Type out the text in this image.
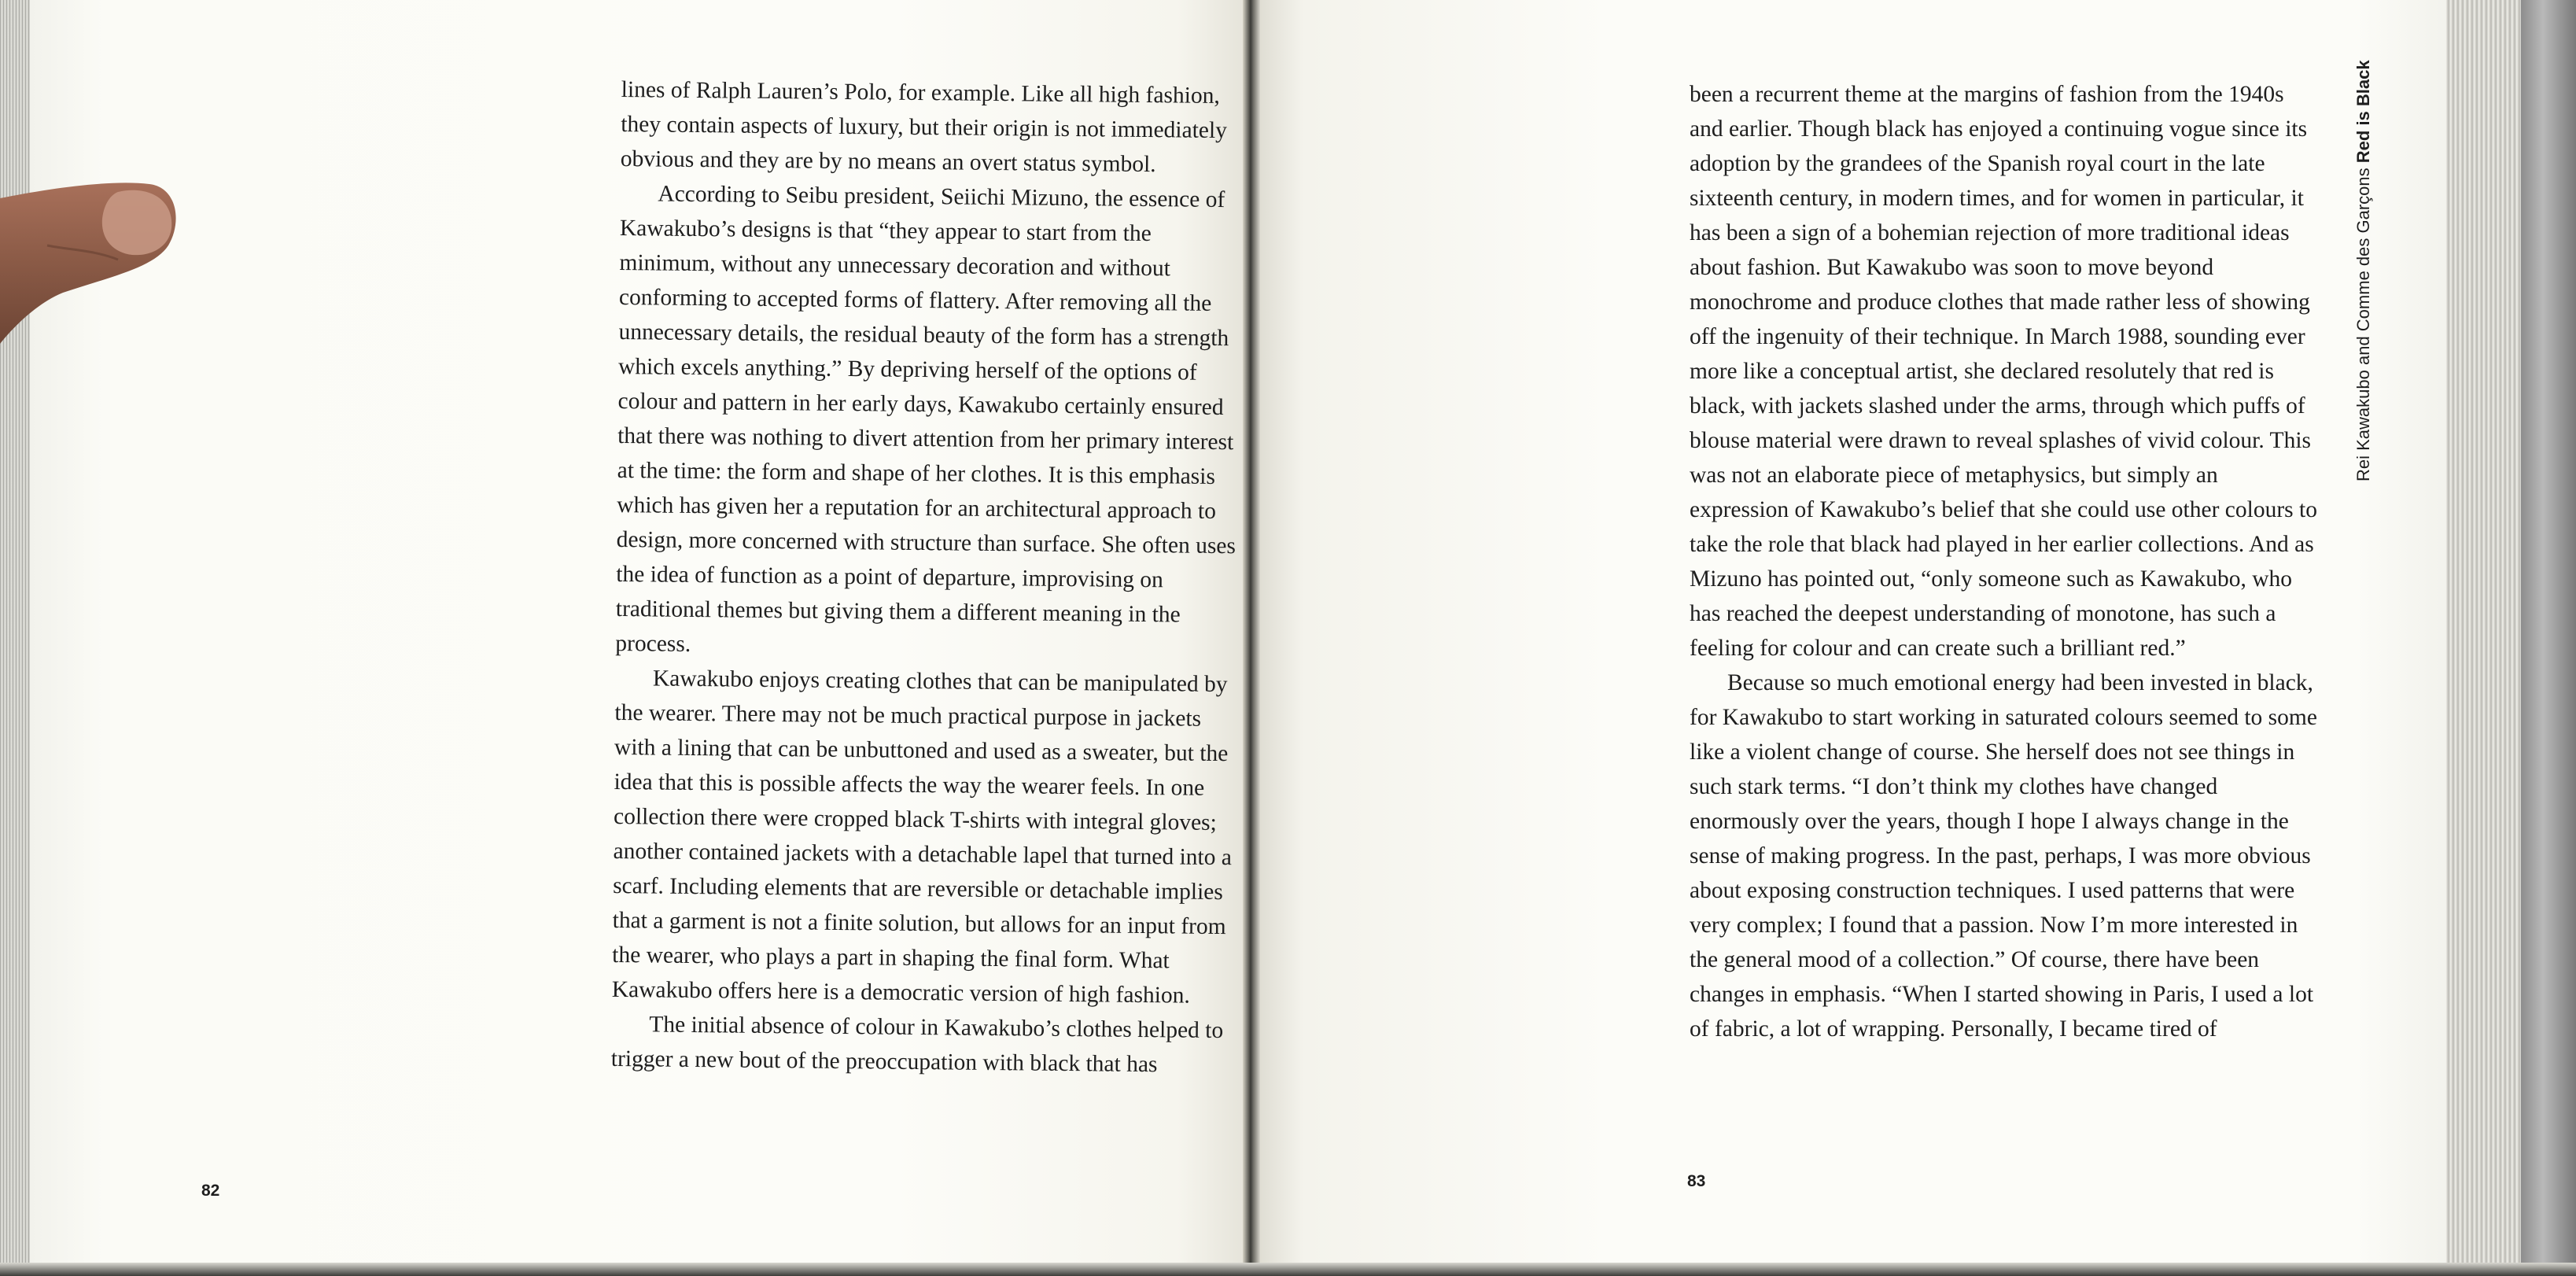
lines of Ralph Lauren’s Polo, for example. Like all high fashion, they contain aspects of luxury, but their origin is not immediately obvious and they are by no means an overt status symbol.

According to Seibu president, Seiichi Mizuno, the essence of Kawakubo’s designs is that “they appear to start from the minimum, without any unnecessary decoration and without conforming to accepted forms of flattery. After removing all the unnecessary details, the residual beauty of the form has a strength which excels anything.” By depriving herself of the options of colour and pattern in her early days, Kawakubo certainly ensured that there was nothing to divert attention from her primary interest at the time: the form and shape of her clothes. It is this emphasis which has given her a reputation for an architectural approach to design, more concerned with structure than surface. She often uses the idea of function as a point of departure, improvising on traditional themes but giving them a different meaning in the process.

Kawakubo enjoys creating clothes that can be manipulated by the wearer. There may not be much practical purpose in jackets with a lining that can be unbuttoned and used as a sweater, but the idea that this is possible affects the way the wearer feels. In one collection there were cropped black T-shirts with integral gloves; another contained jackets with a detachable lapel that turned into a scarf. Including elements that are reversible or detachable implies that a garment is not a finite solution, but allows for an input from the wearer, who plays a part in shaping the final form. What Kawakubo offers here is a democratic version of high fashion.

The initial absence of colour in Kawakubo’s clothes helped to trigger a new bout of the preoccupation with black that has

been a recurrent theme at the margins of fashion from the 1940s and earlier. Though black has enjoyed a continuing vogue since its adoption by the grandees of the Spanish royal court in the late sixteenth century, in modern times, and for women in particular, it has been a sign of a bohemian rejection of more traditional ideas about fashion. But Kawakubo was soon to move beyond monochrome and produce clothes that made rather less of showing off the ingenuity of their technique. In March 1988, sounding ever more like a conceptual artist, she declared resolutely that red is black, with jackets slashed under the arms, through which puffs of blouse material were drawn to reveal splashes of vivid colour. This was not an elaborate piece of metaphysics, but simply an expression of Kawakubo’s belief that she could use other colours to take the role that black had played in her earlier collections. And as Mizuno has pointed out, “only someone such as Kawakubo, who has reached the deepest understanding of monotone, has such a feeling for colour and can create such a brilliant red.”

Because so much emotional energy had been invested in black, for Kawakubo to start working in saturated colours seemed to some like a violent change of course. She herself does not see things in such stark terms. “I don’t think my clothes have changed enormously over the years, though I hope I always change in the sense of making progress. In the past, perhaps, I was more obvious about exposing construction techniques. I used patterns that were very complex; I found that a passion. Now I’m more interested in the general mood of a collection.” Of course, there have been changes in emphasis. “When I started showing in Paris, I used a lot of fabric, a lot of wrapping. Personally, I became tired of

82
83
Rei Kawakubo and Comme des Garçons Red is Black
